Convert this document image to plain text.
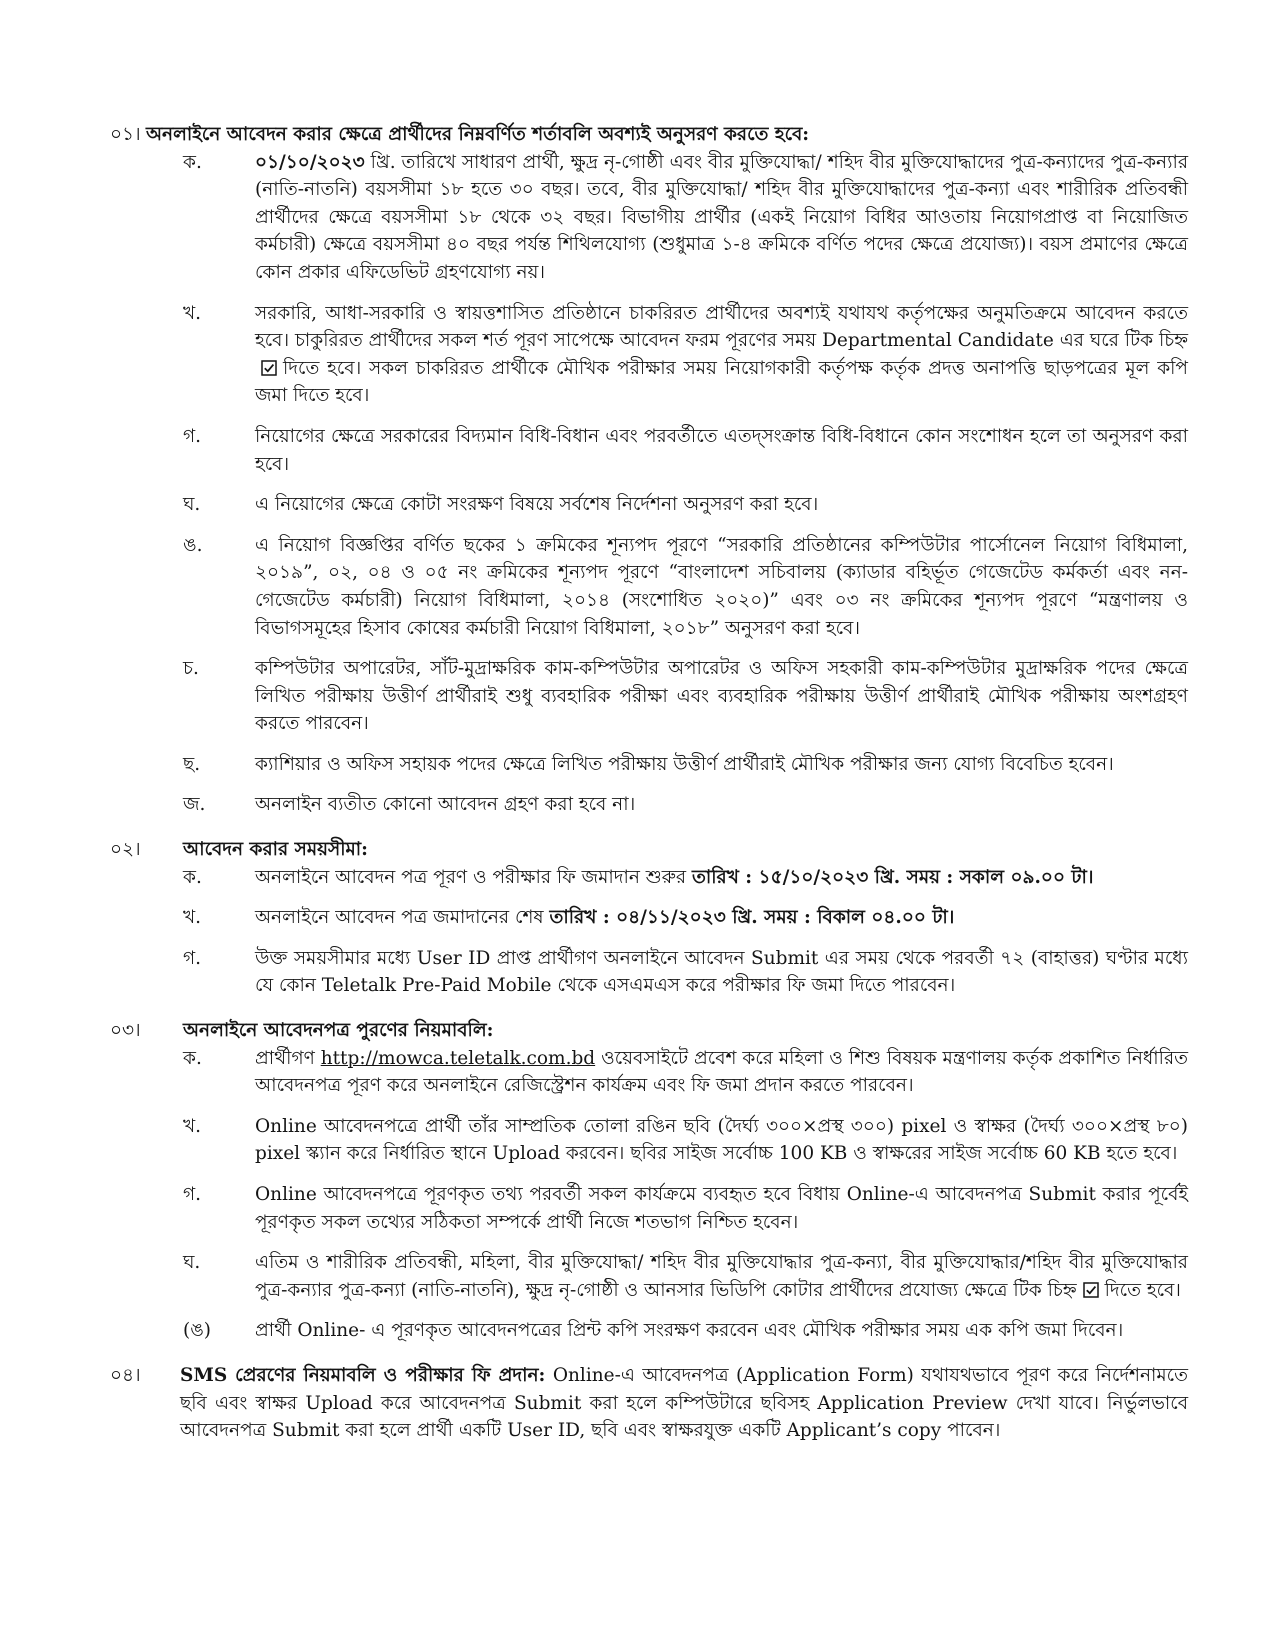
০১। অনলাইনে আবেদন করার ক্ষেত্রে প্রার্থীদের নিম্নবর্ণিত শর্তাবলি অবশ্যই অনুসরণ করতে হবে:
ক.	০১/১০/২০২৩ খ্রি. তারিখে সাধারণ প্রার্থী, ক্ষুদ্র নৃ-গোষ্ঠী এবং বীর মুক্তিযোদ্ধা/ শহিদ বীর মুক্তিযোদ্ধাদের পুত্র-কন্যাদের পুত্র-কন্যার (নাতি-নাতনি) বয়সসীমা ১৮ হতে ৩০ বছর। তবে, বীর মুক্তিযোদ্ধা/ শহিদ বীর মুক্তিযোদ্ধাদের পুত্র-কন্যা এবং শারীরিক প্রতিবন্ধী প্রার্থীদের ক্ষেত্রে বয়সসীমা ১৮ থেকে ৩২ বছর। বিভাগীয় প্রার্থীর (একই নিয়োগ বিধির আওতায় নিয়োগপ্রাপ্ত বা নিয়োজিত কর্মচারী) ক্ষেত্রে বয়সসীমা ৪০ বছর পর্যন্ত শিথিলযোগ্য (শুধুমাত্র ১-৪ ক্রমিকে বর্ণিত পদের ক্ষেত্রে প্রযোজ্য)। বয়স প্রমাণের ক্ষেত্রে কোন প্রকার এফিডেভিট গ্রহণযোগ্য নয়।
খ.	সরকারি, আধা-সরকারি ও স্বায়ত্তশাসিত প্রতিষ্ঠানে চাকরিরত প্রার্থীদের অবশ্যই যথাযথ কর্তৃপক্ষের অনুমতিক্রমে আবেদন করতে হবে। চাকুরিরত প্রার্থীদের সকল শর্ত পূরণ সাপেক্ষে আবেদন ফরম পূরণের সময় Departmental Candidate এর ঘরে টিক চিহ্ন
দিতে হবে। সকল চাকরিরত প্রার্থীকে মৌখিক পরীক্ষার সময় নিয়োগকারী কর্তৃপক্ষ কর্তৃক প্রদত্ত অনাপত্তি ছাড়পত্রের মূল কপি জমা দিতে হবে।
গ.	নিয়োগের ক্ষেত্রে সরকারের বিদ্যমান বিধি-বিধান এবং পরবর্তীতে এতদ্‌সংক্রান্ত বিধি-বিধানে কোন সংশোধন হলে তা অনুসরণ করা হবে।
ঘ.	এ নিয়োগের ক্ষেত্রে কোটা সংরক্ষণ বিষয়ে সর্বশেষ নির্দেশনা অনুসরণ করা হবে।
ঙ.	এ নিয়োগ বিজ্ঞপ্তির বর্ণিত ছকের ১ ক্রমিকের শূন্যপদ পূরণে “সরকারি প্রতিষ্ঠানের কম্পিউটার পার্সোনেল নিয়োগ বিধিমালা, ২০১৯”, ০২, ০৪ ও ০৫ নং ক্রমিকের শূন্যপদ পূরণে “বাংলাদেশ সচিবালয় (ক্যাডার বহির্ভূত গেজেটেড কর্মকর্তা এবং নন-গেজেটেড কর্মচারী) নিয়োগ বিধিমালা, ২০১৪ (সংশোধিত ২০২০)” এবং ০৩ নং ক্রমিকের শূন্যপদ পূরণে “মন্ত্রণালয় ও বিভাগসমূহের হিসাব কোষের কর্মচারী নিয়োগ বিধিমালা, ২০১৮” অনুসরণ করা হবে।
চ.	কম্পিউটার অপারেটর, সাঁট-মুদ্রাক্ষরিক কাম-কম্পিউটার অপারেটর ও অফিস সহকারী কাম-কম্পিউটার মুদ্রাক্ষরিক পদের ক্ষেত্রে লিখিত পরীক্ষায় উত্তীর্ণ প্রার্থীরাই শুধু ব্যবহারিক পরীক্ষা এবং ব্যবহারিক পরীক্ষায় উত্তীর্ণ প্রার্থীরাই মৌখিক পরীক্ষায় অংশগ্রহণ করতে পারবেন।
ছ.	ক্যাশিয়ার ও অফিস সহায়ক পদের ক্ষেত্রে লিখিত পরীক্ষায় উত্তীর্ণ প্রার্থীরাই মৌখিক পরীক্ষার জন্য যোগ্য বিবেচিত হবেন।
জ.	অনলাইন ব্যতীত কোনো আবেদন গ্রহণ করা হবে না।
০২।	আবেদন করার সময়সীমা:
ক.	অনলাইনে আবেদন পত্র পূরণ ও পরীক্ষার ফি জমাদান শুরুর তারিখ : ১৫/১০/২০২৩ খ্রি. সময় : সকাল ০৯.০০ টা।
খ.	অনলাইনে আবেদন পত্র জমাদানের শেষ তারিখ : ০৪/১১/২০২৩ খ্রি. সময় : বিকাল ০৪.০০ টা।
গ.	উক্ত সময়সীমার মধ্যে User ID প্রাপ্ত প্রার্থীগণ অনলাইনে আবেদন Submit এর সময় থেকে পরবর্তী ৭২ (বাহাত্তর) ঘণ্টার মধ্যে যে কোন Teletalk Pre-Paid Mobile থেকে এসএমএস করে পরীক্ষার ফি জমা দিতে পারবেন।
০৩।	অনলাইনে আবেদনপত্র পুরণের নিয়মাবলি:
ক.	প্রার্থীগণ http://mowca.teletalk.com.bd ওয়েবসাইটে প্রবেশ করে মহিলা ও শিশু বিষয়ক মন্ত্রণালয় কর্তৃক প্রকাশিত নির্ধারিত আবেদনপত্র পূরণ করে অনলাইনে রেজিস্ট্রেশন কার্যক্রম এবং ফি জমা প্রদান করতে পারবেন।
খ.	Online আবেদনপত্রে প্রার্থী তাঁর সাম্প্রতিক তোলা রঙিন ছবি (দৈর্ঘ্য ৩০০×প্রস্থ ৩০০) pixel ও স্বাক্ষর (দৈর্ঘ্য ৩০০×প্রস্থ ৮০) pixel স্ক্যান করে নির্ধারিত স্থানে Upload করবেন। ছবির সাইজ সর্বোচ্চ 100 KB ও স্বাক্ষরের সাইজ সর্বোচ্চ 60 KB হতে হবে।
গ.	Online আবেদনপত্রে পূরণকৃত তথ্য পরবর্তী সকল কার্যক্রমে ব্যবহৃত হবে বিধায় Online-এ আবেদনপত্র Submit করার পূর্বেই পূরণকৃত সকল তথ্যের সঠিকতা সম্পর্কে প্রার্থী নিজে শতভাগ নিশ্চিত হবেন।
ঘ.	এতিম ও শারীরিক প্রতিবন্ধী, মহিলা, বীর মুক্তিযোদ্ধা/ শহিদ বীর মুক্তিযোদ্ধার পুত্র-কন্যা, বীর মুক্তিযোদ্ধার/শহিদ বীর মুক্তিযোদ্ধার পুত্র-কন্যার পুত্র-কন্যা (নাতি-নাতনি), ক্ষুদ্র নৃ-গোষ্ঠী ও আনসার ভিডিপি কোটার প্রার্থীদের প্রযোজ্য ক্ষেত্রে টিক চিহ্ন দিতে হবে।
(ঙ)	প্রার্থী Online- এ পূরণকৃত আবেদনপত্রের প্রিন্ট কপি সংরক্ষণ করবেন এবং মৌখিক পরীক্ষার সময় এক কপি জমা দিবেন।
০৪।	SMS প্রেরণের নিয়মাবলি ও পরীক্ষার ফি প্রদান: Online-এ আবেদনপত্র (Application Form) যথাযথভাবে পূরণ করে নির্দেশনামতে ছবি এবং স্বাক্ষর Upload করে আবেদনপত্র Submit করা হলে কম্পিউটারে ছবিসহ Application Preview দেখা যাবে। নির্ভুলভাবে আবেদনপত্র Submit করা হলে প্রার্থী একটি User ID, ছবি এবং স্বাক্ষরযুক্ত একটি Applicant’s copy পাবেন।
